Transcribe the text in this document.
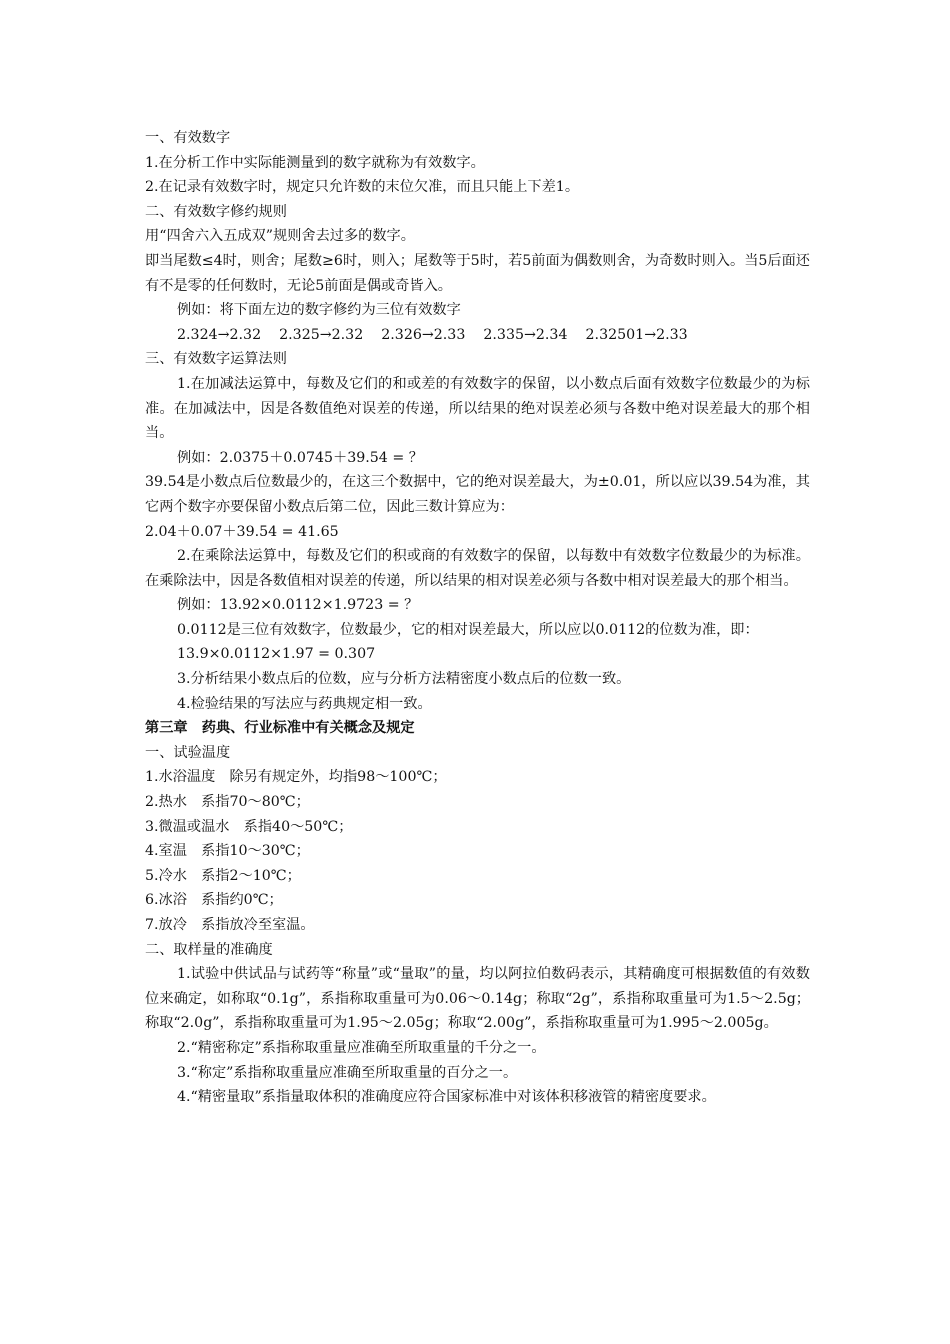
一、有效数字
1.在分析工作中实际能测量到的数字就称为有效数字。
2.在记录有效数字时，规定只允许数的末位欠准，而且只能上下差1。
二、有效数字修约规则
用“四舍六入五成双”规则舍去过多的数字。
即当尾数≤4时，则舍；尾数≥6时，则入；尾数等于5时，若5前面为偶数则舍，为奇数时则入。当5后面还有不是零的任何数时，无论5前面是偶或奇皆入。
例如：将下面左边的数字修约为三位有效数字
2.324→2.32    2.325→2.32    2.326→2.33    2.335→2.34    2.32501→2.33
三、有效数字运算法则
1.在加减法运算中，每数及它们的和或差的有效数字的保留，以小数点后面有效数字位数最少的为标准。在加减法中，因是各数值绝对误差的传递，所以结果的绝对误差必须与各数中绝对误差最大的那个相当。
例如：2.0375＋0.0745＋39.54 = ？
39.54是小数点后位数最少的，在这三个数据中，它的绝对误差最大，为±0.01，所以应以39.54为准，其它两个数字亦要保留小数点后第二位，因此三数计算应为：
2.04＋0.07＋39.54 = 41.65
2.在乘除法运算中，每数及它们的积或商的有效数字的保留，以每数中有效数字位数最少的为标准。在乘除法中，因是各数值相对误差的传递，所以结果的相对误差必须与各数中相对误差最大的那个相当。
例如：13.92×0.0112×1.9723 = ？
0.0112是三位有效数字，位数最少，它的相对误差最大，所以应以0.0112的位数为准，即：
13.9×0.0112×1.97 = 0.307
3.分析结果小数点后的位数，应与分析方法精密度小数点后的位数一致。
4.检验结果的写法应与药典规定相一致。
第三章　药典、行业标准中有关概念及规定
一、试验温度
1.水浴温度　除另有规定外，均指98～100℃；
2.热水　系指70～80℃；
3.微温或温水　系指40～50℃；
4.室温　系指10～30℃；
5.冷水　系指2～10℃；
6.冰浴　系指约0℃；
7.放冷　系指放冷至室温。
二、取样量的准确度
1.试验中供试品与试药等“称量”或“量取”的量，均以阿拉伯数码表示，其精确度可根据数值的有效数位来确定，如称取“0.1g”，系指称取重量可为0.06～0.14g；称取“2g”，系指称取重量可为1.5～2.5g；称取“2.0g”，系指称取重量可为1.95～2.05g；称取“2.00g”，系指称取重量可为1.995～2.005g。
2.“精密称定”系指称取重量应准确至所取重量的千分之一。
3.“称定”系指称取重量应准确至所取重量的百分之一。
4.“精密量取”系指量取体积的准确度应符合国家标准中对该体积移液管的精密度要求。
